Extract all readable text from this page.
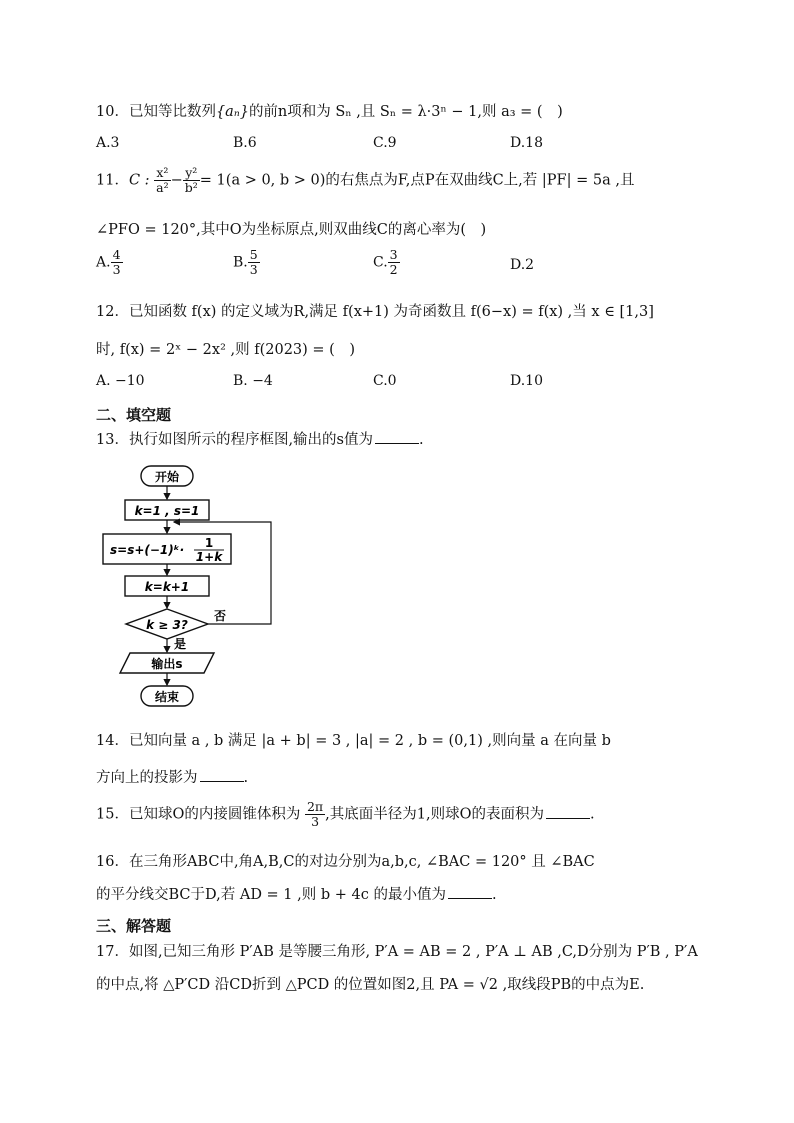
10．已知等比数列{aₙ}的前n项和为 Sₙ ,且 Sₙ = λ·3ⁿ − 1,则 a₃ = (　)
A.3	B.6	C.9	D.18
11．C : $\frac{\text{x²}}{\text{a²}} - \frac{\text{y²}}{\text{b²}} = 1(a > 0$, b > 0)的右焦点为F,点P在双曲线C上,若 |PF| = 5a ,且
∠PFO = 120°,其中O为坐标原点,则双曲线C的离心率为(　)
A. $\frac{4}{3}$	B. $\frac{5}{3}$	C. $\frac{3}{2}$	D.2
12．已知函数 f(x) 的定义域为R,满足 f(x+1) 为奇函数且 f(6−x) = f(x) ,当 x ∈ [1,3]
时, f(x) = 2ˣ − 2x² ,则 f(2023) = (　)
A. −10	B. −4	C.0	D.10
二、填空题
13．执行如图所示的程序框图,输出的s值为	.
开始
k=1 , s=1
s=s+(−1)ᵏ· 1
1+k
k=k+1
k ≥ 3?
否
是
输出s
结束
14．已知向量 a , b 满足 |a + b| = 3 , |a| = 2 , b = (0,1) ,则向量 a 在向量 b
方向上的投影为	.
15．已知球O的内接圆锥体积为 $\frac{2\pi}{3}$ ,其底面半径为1,则球O的表面积为	.
16．在三角形ABC中,角A,B,C的对边分别为a,b,c, ∠BAC = 120° 且 ∠BAC
的平分线交BC于D,若 AD = 1 ,则 b + 4c 的最小值为	.
三、解答题
17．如图,已知三角形 P′AB 是等腰三角形, P′A = AB = 2 , P′A ⊥ AB ,C,D分别为 P′B , P′A
的中点,将 △P′CD 沿CD折到 △PCD 的位置如图2,且 PA = √2 ,取线段PB的中点为E.
